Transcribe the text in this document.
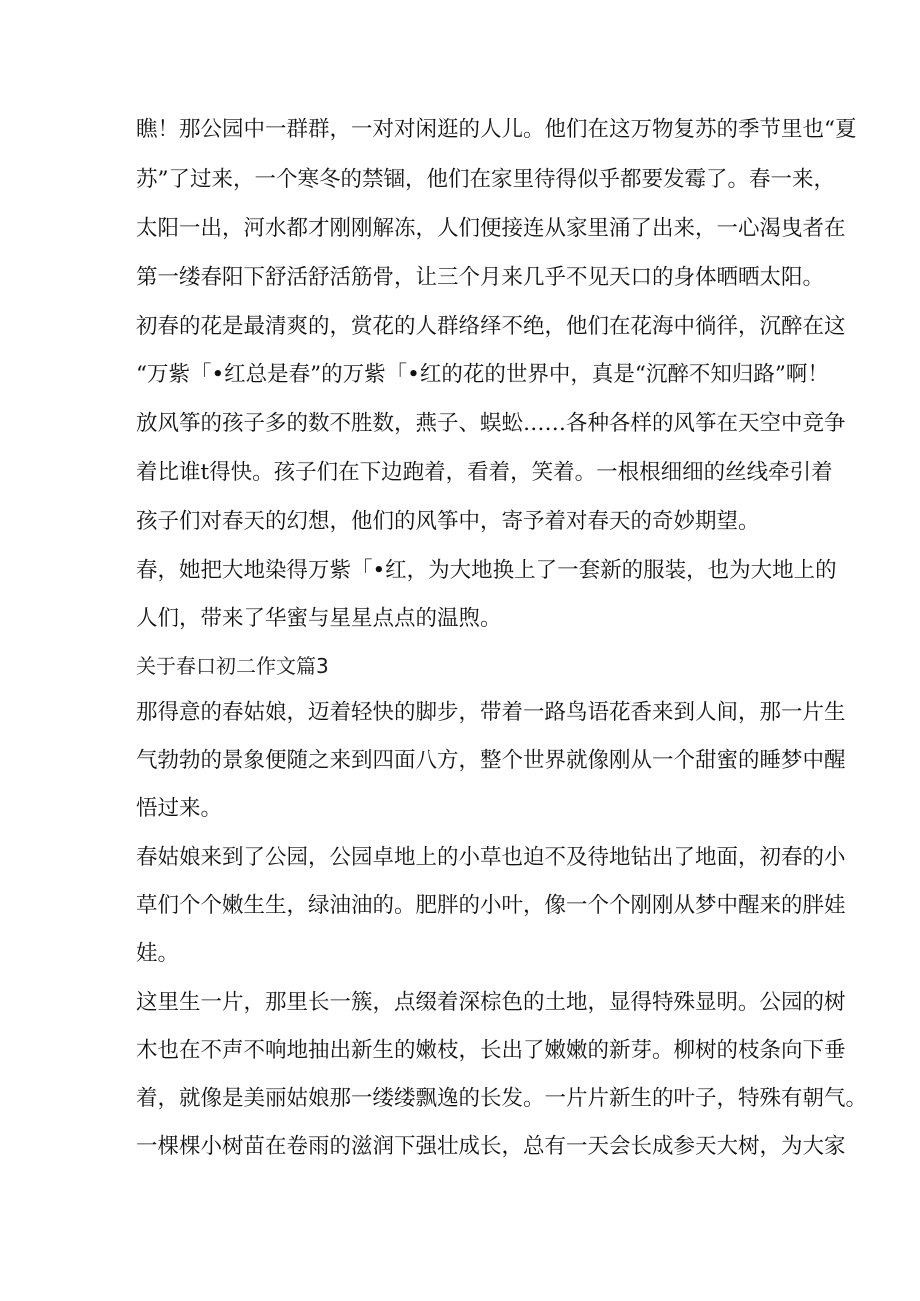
瞧！那公园中一群群，一对对闲逛的人儿。他们在这万物复苏的季节里也“夏
苏”了过来，一个寒冬的禁锢，他们在家里待得似乎都要发霉了。春一来，
太阳一出，河水都才刚刚解冻，人们便接连从家里涌了出来，一心渴曳者在
第一缕春阳下舒活舒活筋骨，让三个月来几乎不见天口的身体晒晒太阳。
初春的花是最清爽的，赏花的人群络绎不绝，他们在花海中徜徉，沉醉在这
“万紫「•红总是春”的万紫「•红的花的世界中，真是“沉醉不知归路”啊！
放风筝的孩子多的数不胜数，燕子、蜈蚣……各种各样的风筝在天空中竞争
着比谁t得快。孩子们在下边跑着，看着，笑着。一根根细细的丝线牵引着
孩子们对春天的幻想，他们的风筝中，寄予着对春天的奇妙期望。
春，她把大地染得万紫「•红，为大地换上了一套新的服装，也为大地上的
人们，带来了华蜜与星星点点的温煦。
关于春口初二作文篇3
那得意的春姑娘，迈着轻快的脚步，带着一路鸟语花香来到人间，那一片生
气勃勃的景象便随之来到四面八方，整个世界就像刚从一个甜蜜的睡梦中醒
悟过来。
春姑娘来到了公园，公园卓地上的小草也迫不及待地钻出了地面，初春的小
草们个个嫩生生，绿油油的。肥胖的小叶，像一个个刚刚从梦中醒来的胖娃
娃。
这里生一片，那里长一簇，点缀着深棕色的土地，显得特殊显明。公园的树
木也在不声不响地抽出新生的嫩枝，长出了嫩嫩的新芽。柳树的枝条向下垂
着，就像是美丽姑娘那一缕缕飘逸的长发。一片片新生的叶子，特殊有朝气。
一棵棵小树苗在卷雨的滋润下强壮成长，总有一天会长成参天大树，为大家
